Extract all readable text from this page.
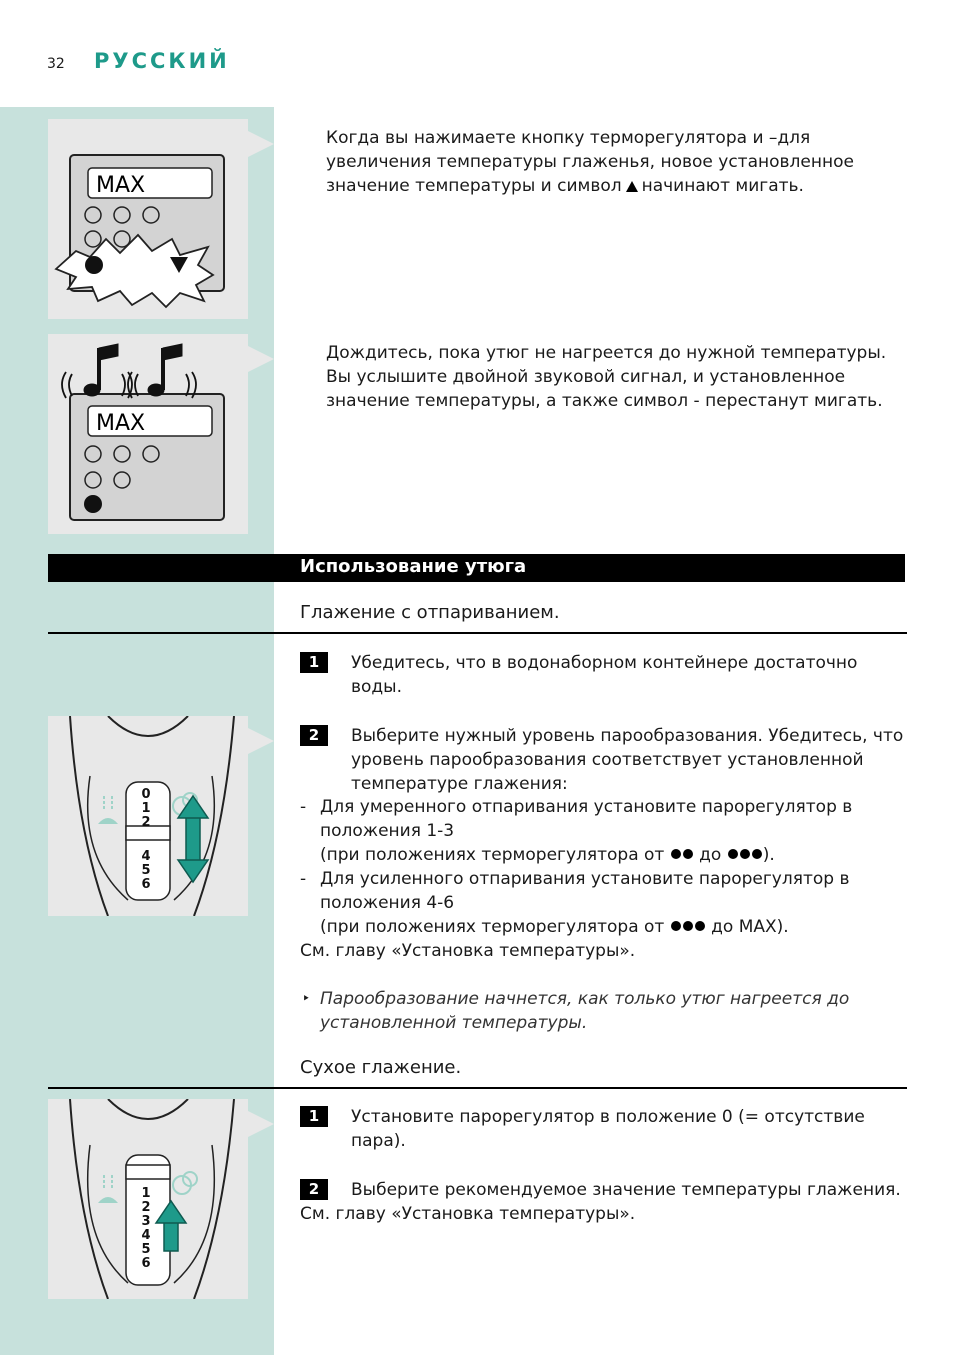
32 РУССКИЙ
MAX
MAX
Когда вы нажимаете кнопку терморегулятора и –для увеличения температуры глаженья, новое установленное значение температуры и символ начинают мигать.
Дождитесь, пока утюг не нагреется до нужной температуры. Вы услышите двойной звуковой сигнал, и установленное значение температуры, а также символ - перестанут мигать.
Использование утюга
Глажение с отпариванием.
1	Убедитесь, что в водонаборном контейнере достаточно воды.
0
1
2
4
5
6
2	Выберите нужный уровень парообразования. Убедитесь, что уровень парообразования соответствует установленной температуре глажения:
- Для умеренного отпаривания установите парорегулятор в положения 1-3
(при положениях терморегулятора от до ).
- Для усиленного отпаривания установите парорегулятор в положения 4-6
(при положениях терморегулятора от	до MAX).
См. главу «Установка температуры».
‣ Парообразование начнется, как только утюг нагреется до установленной температуры.
Сухое глажение.
1
2
3
4
5
6
1	Установите парорегулятор в положение 0 (= отсутствие пара).
2	Выберите рекомендуемое значение температуры глажения.
См. главу «Установка температуры».
